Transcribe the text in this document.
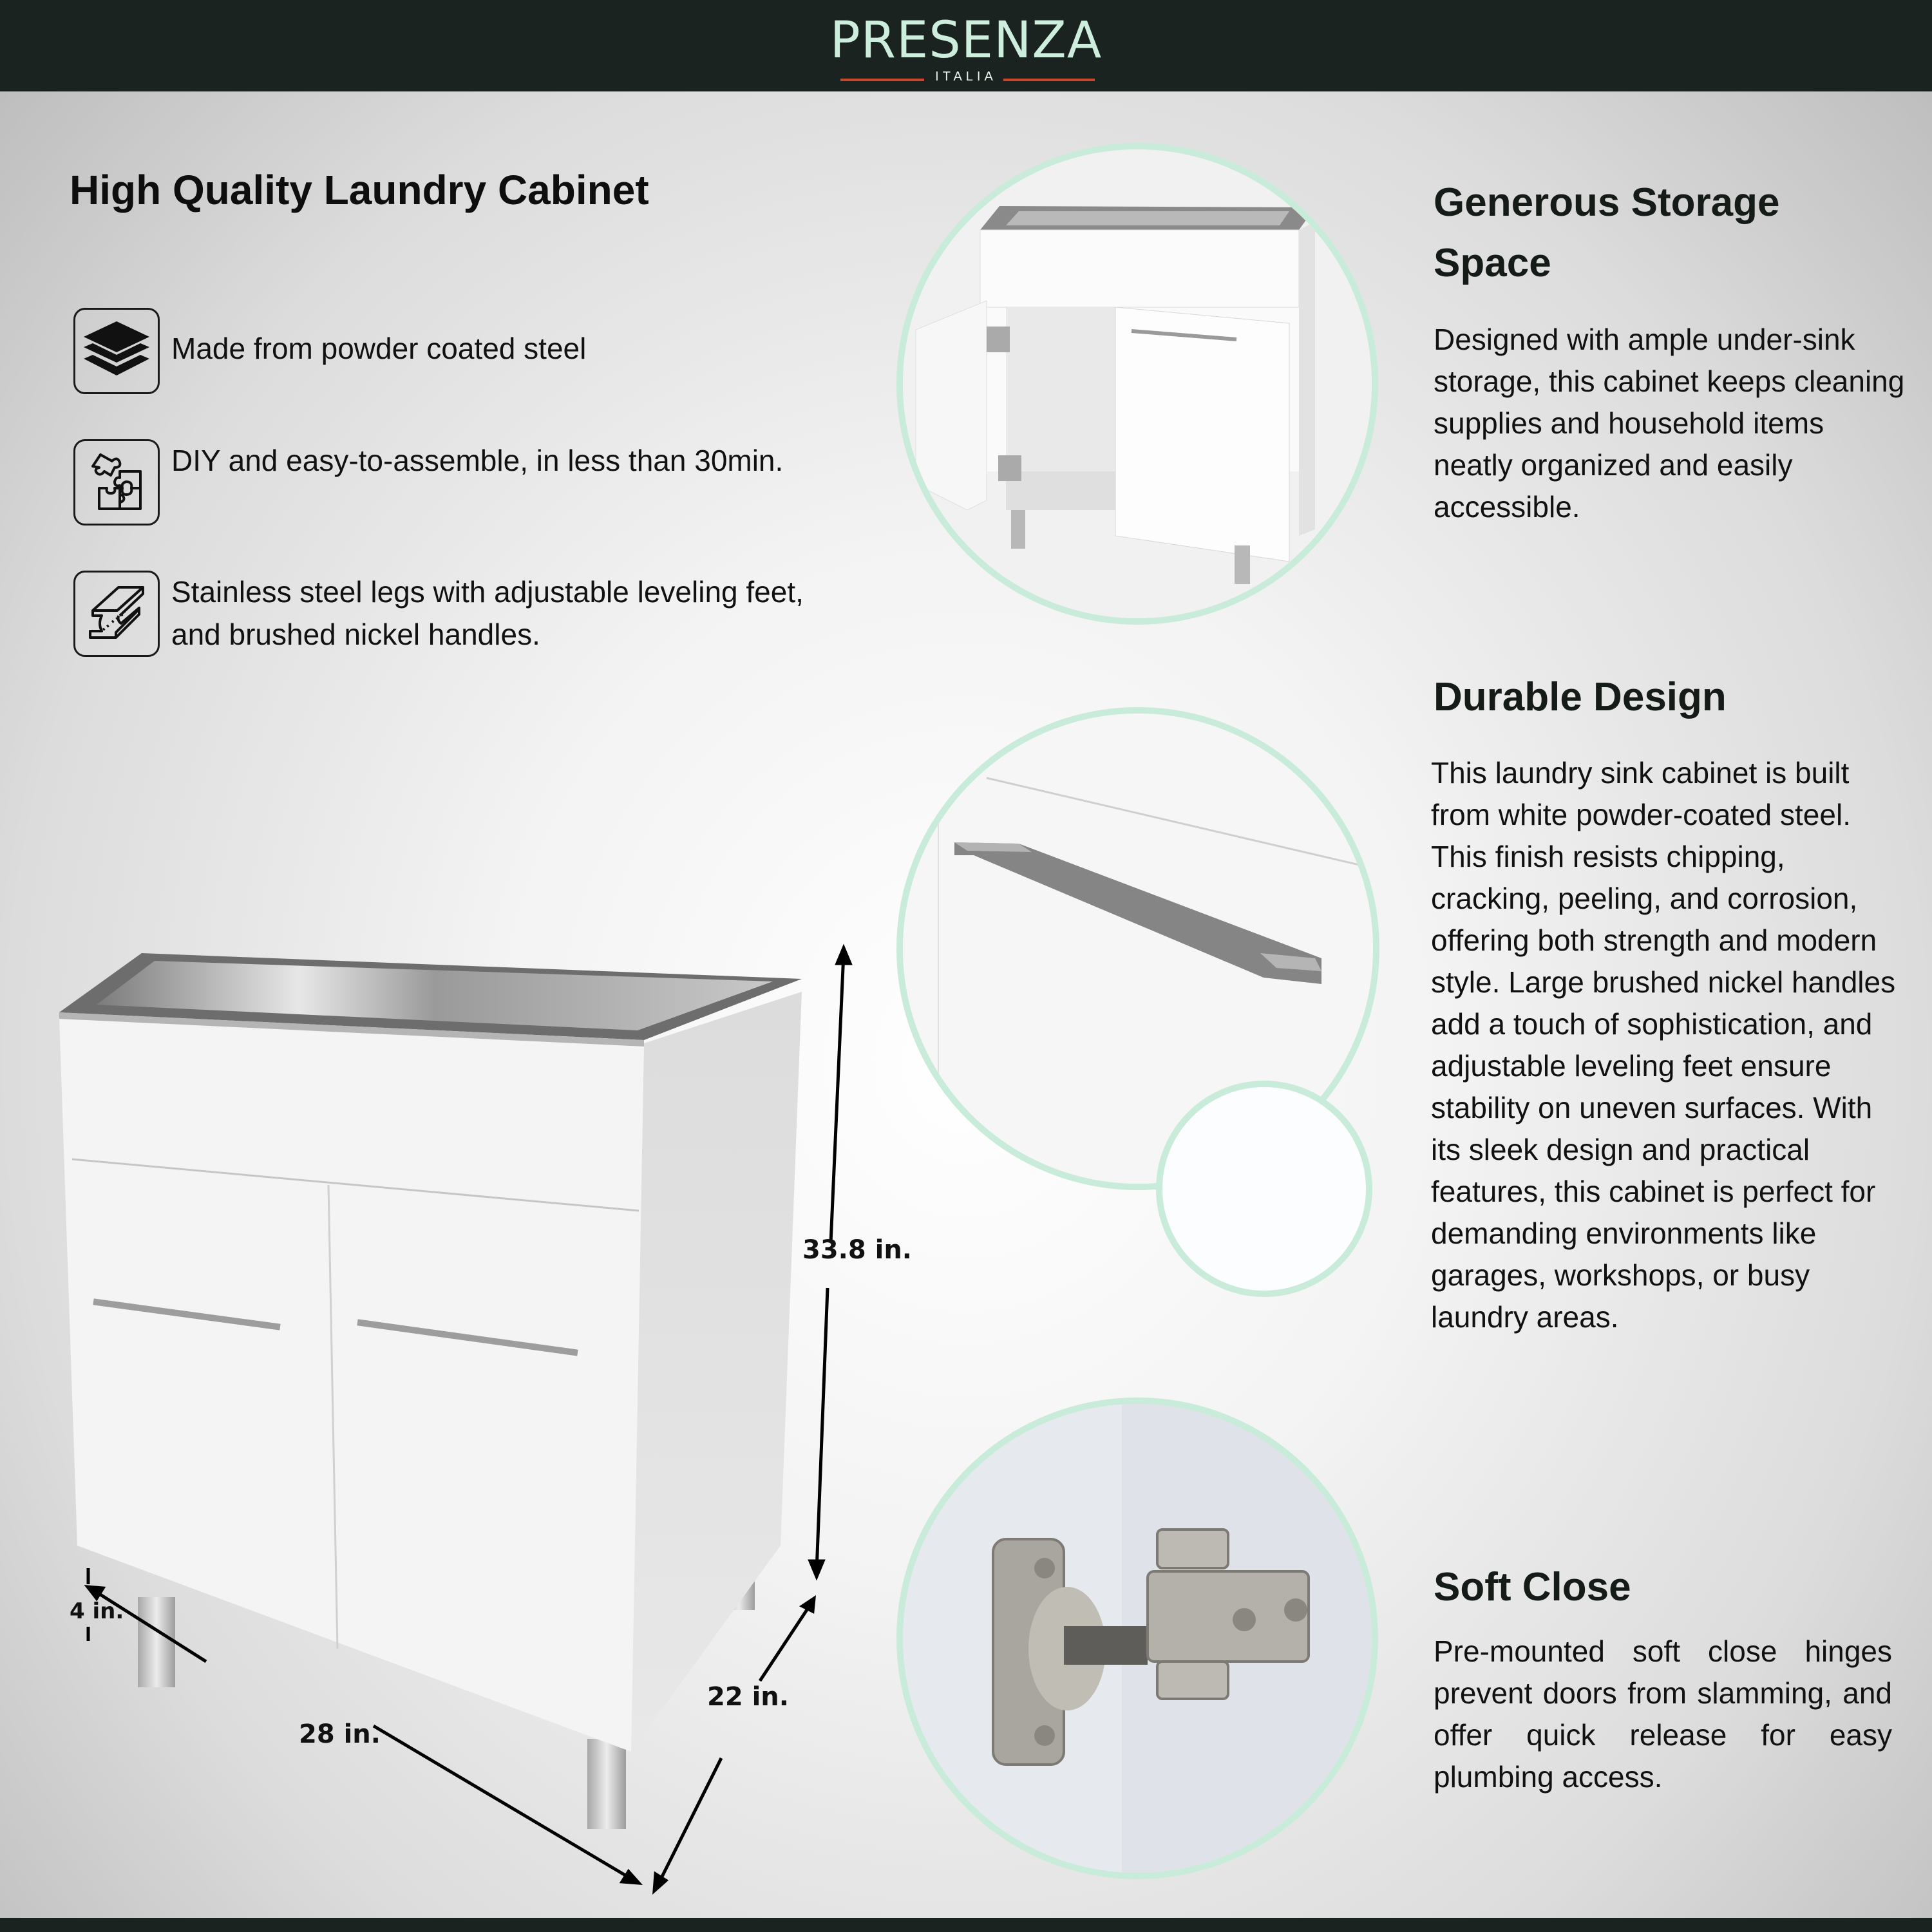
PRESENZA
ITALIA
High Quality Laundry Cabinet
Made from powder coated steel
DIY and easy-to-assemble, in less than 30min.
Stainless steel legs with adjustable leveling feet, and brushed nickel handles.
33.8 in.
28 in.
22 in.
4 in.
Generous Storage Space

Designed with ample under-sink storage, this cabinet keeps cleaning supplies and household items neatly organized and easily accessible.

Durable Design

This laundry sink cabinet is built from white powder-coated steel. This finish resists chipping, cracking, peeling, and corrosion, offering both strength and modern style. Large brushed nickel handles add a touch of sophistication, and adjustable leveling feet ensure stability on uneven surfaces. With its sleek design and practical features, this cabinet is perfect for demanding environments like garages, workshops, or busy laundry areas.

Soft Close

Pre-mounted soft close hinges prevent doors from slamming, and offer quick release for easy plumbing access.
